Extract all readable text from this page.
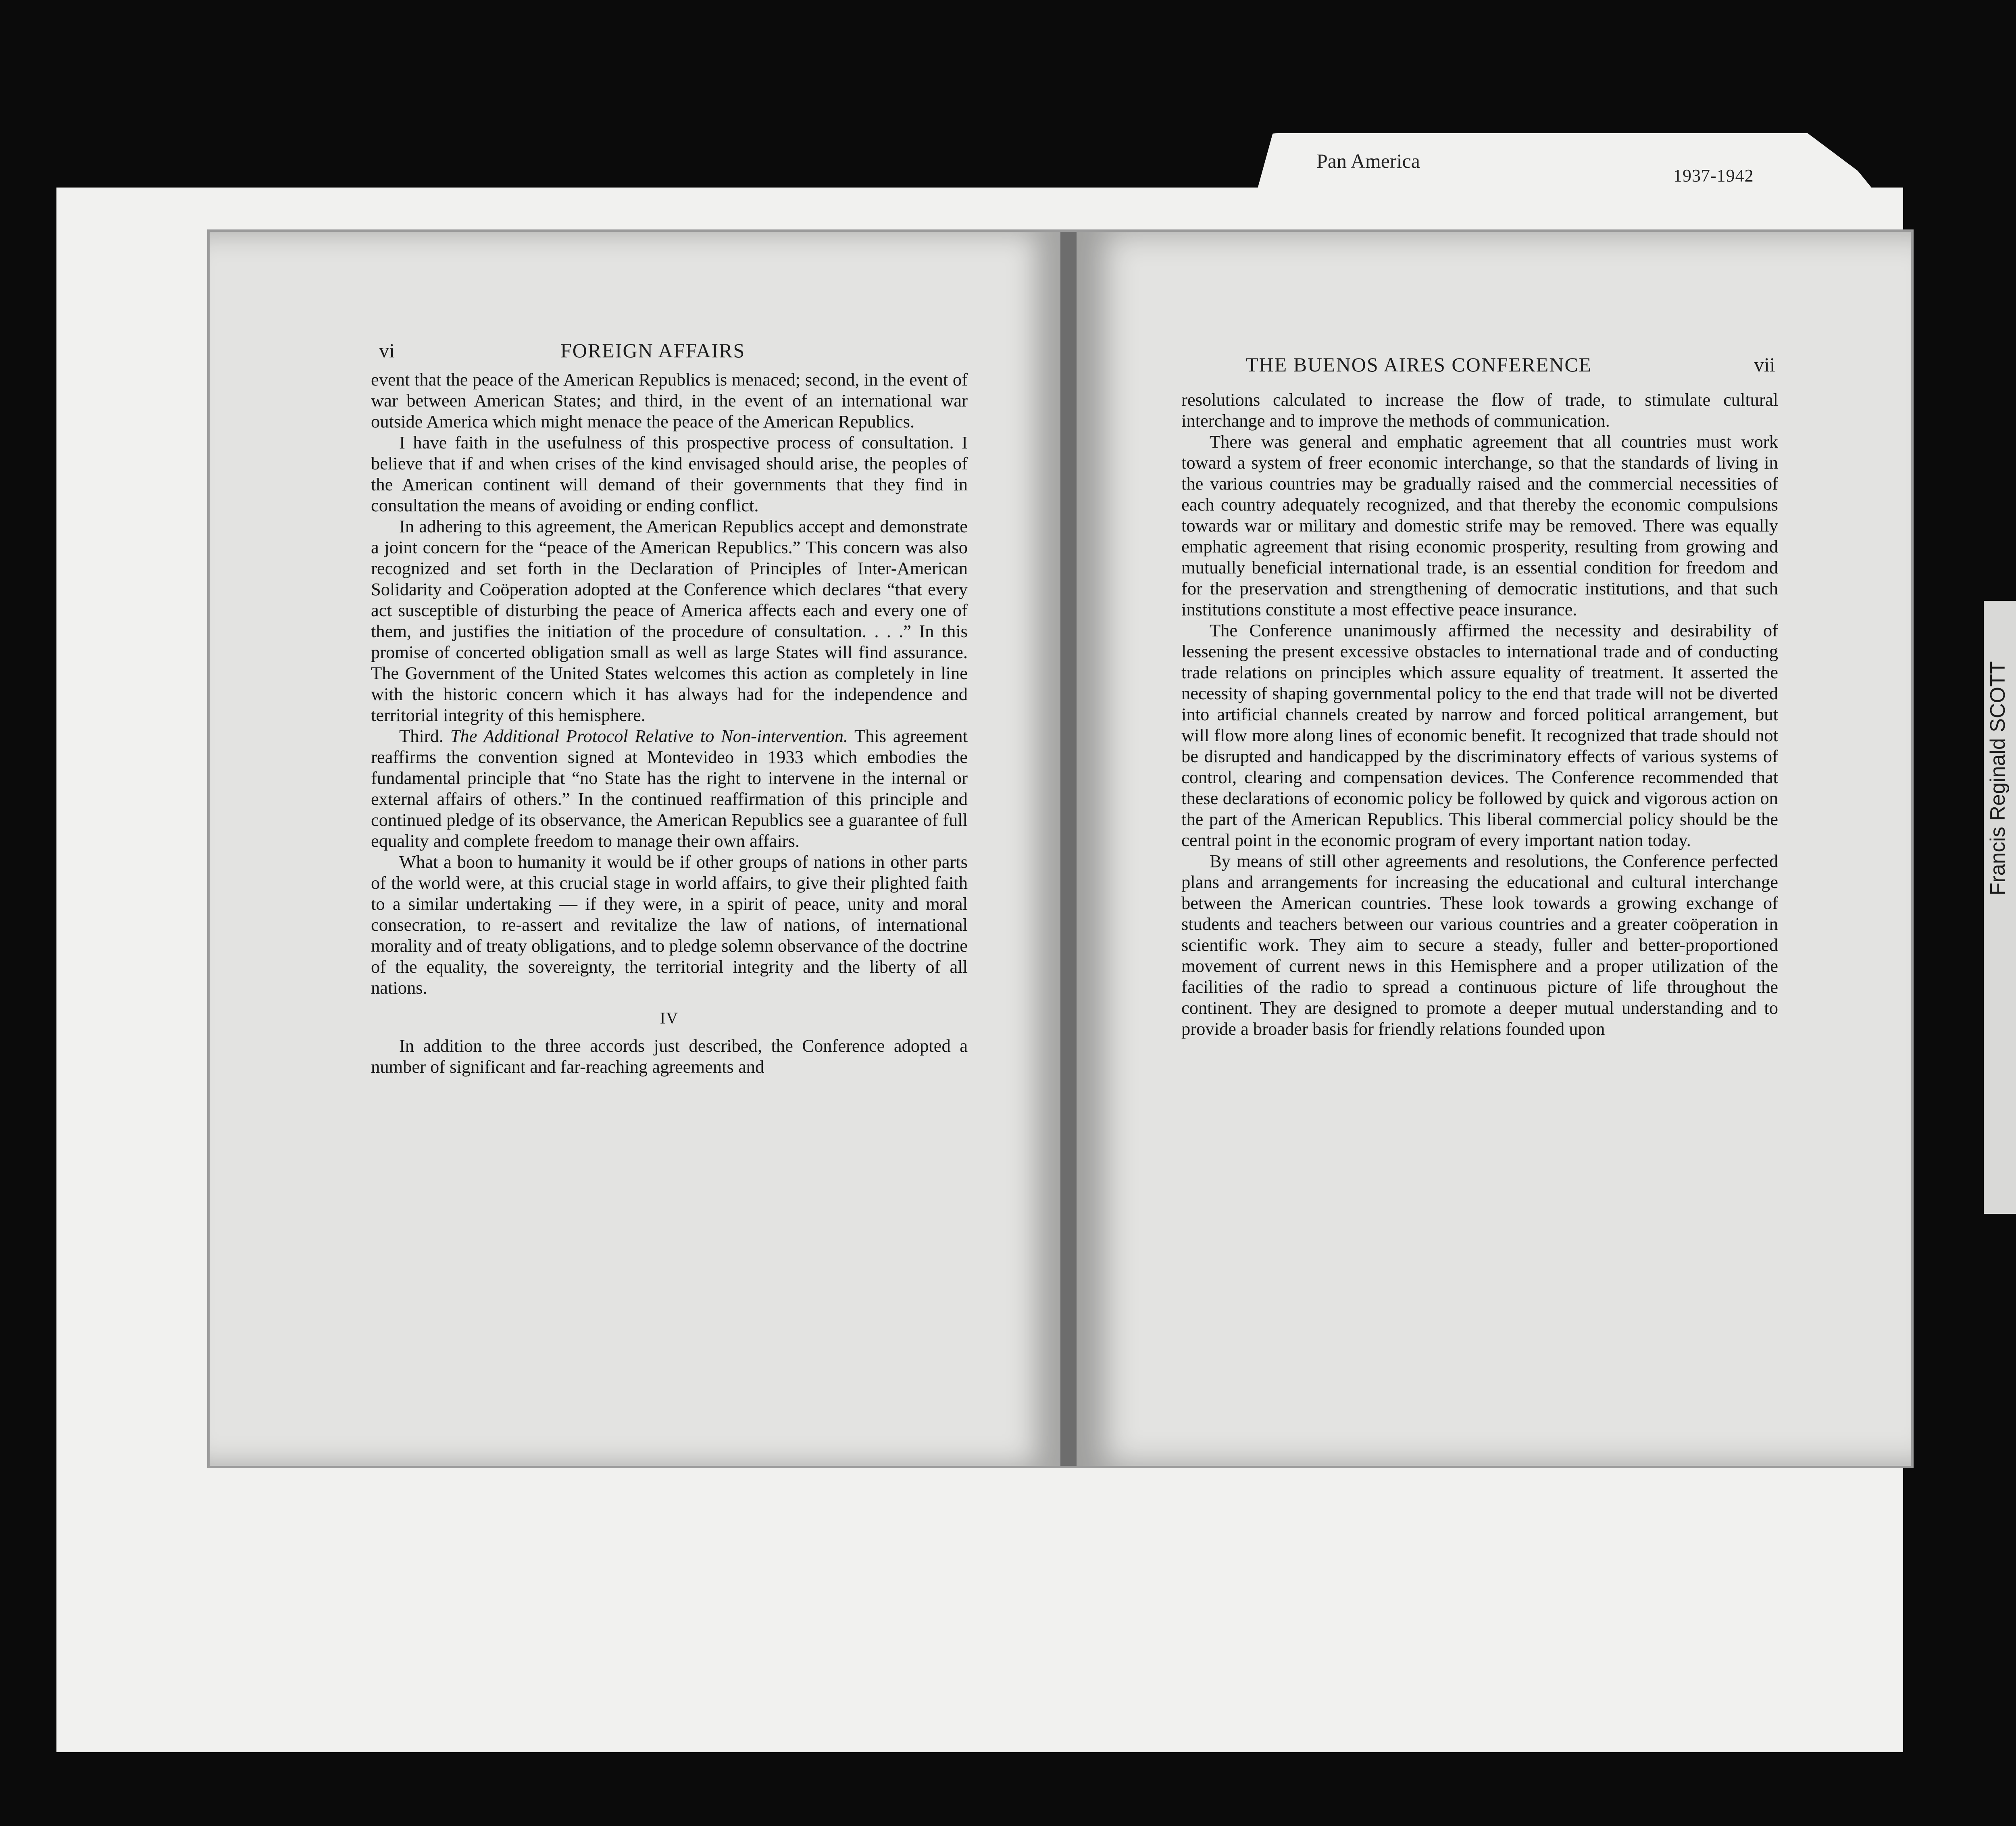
Pan America
1937-1942
vi	FOREIGN AFFAIRS

event that the peace of the American Republics is menaced; second, in the event of war between American States; and third, in the event of an international war outside America which might menace the peace of the American Republics.

I have faith in the usefulness of this prospective process of consultation. I believe that if and when crises of the kind envisaged should arise, the peoples of the American continent will demand of their governments that they find in consultation the means of avoiding or ending conflict.

In adhering to this agreement, the American Republics accept and demonstrate a joint concern for the “peace of the American Republics.” This concern was also recognized and set forth in the Declaration of Principles of Inter-American Solidarity and Coöperation adopted at the Conference which declares “that every act susceptible of disturbing the peace of America affects each and every one of them, and justifies the initiation of the procedure of consultation. . . .” In this promise of concerted obligation small as well as large States will find assurance. The Government of the United States welcomes this action as completely in line with the historic concern which it has always had for the independence and territorial integrity of this hemisphere.

Third. The Additional Protocol Relative to Non-intervention. This agreement reaffirms the convention signed at Montevideo in 1933 which embodies the fundamental principle that “no State has the right to intervene in the internal or external affairs of others.” In the continued reaffirmation of this principle and continued pledge of its observance, the American Republics see a guarantee of full equality and complete freedom to manage their own affairs.

What a boon to humanity it would be if other groups of nations in other parts of the world were, at this crucial stage in world affairs, to give their plighted faith to a similar undertaking — if they were, in a spirit of peace, unity and moral consecration, to re-assert and revitalize the law of nations, of international morality and of treaty obligations, and to pledge solemn observance of the doctrine of the equality, the sovereignty, the territorial integrity and the liberty of all nations.

IV

In addition to the three accords just described, the Conference adopted a number of significant and far-reaching agreements and

THE BUENOS AIRES CONFERENCE	vii

resolutions calculated to increase the flow of trade, to stimulate cultural interchange and to improve the methods of communication.

There was general and emphatic agreement that all countries must work toward a system of freer economic interchange, so that the standards of living in the various countries may be gradually raised and the commercial necessities of each country adequately recognized, and that thereby the economic compulsions towards war or military and domestic strife may be removed. There was equally emphatic agreement that rising economic prosperity, resulting from growing and mutually beneficial international trade, is an essential condition for freedom and for the preservation and strengthening of democratic institutions, and that such institutions constitute a most effective peace insurance.

The Conference unanimously affirmed the necessity and desirability of lessening the present excessive obstacles to international trade and of conducting trade relations on principles which assure equality of treatment. It asserted the necessity of shaping governmental policy to the end that trade will not be diverted into artificial channels created by narrow and forced political arrangement, but will flow more along lines of economic benefit. It recognized that trade should not be disrupted and handicapped by the discriminatory effects of various systems of control, clearing and compensation devices. The Conference recommended that these declarations of economic policy be followed by quick and vigorous action on the part of the American Republics. This liberal commercial policy should be the central point in the economic program of every important nation today.

By means of still other agreements and resolutions, the Conference perfected plans and arrangements for increasing the educational and cultural interchange between the American countries. These look towards a growing exchange of students and teachers between our various countries and a greater coöperation in scientific work. They aim to secure a steady, fuller and better-proportioned movement of current news in this Hemisphere and a proper utilization of the facilities of the radio to spread a continuous picture of life throughout the continent. They are designed to promote a deeper mutual understanding and to provide a broader basis for friendly relations founded upon

Francis Reginald SCOTT
